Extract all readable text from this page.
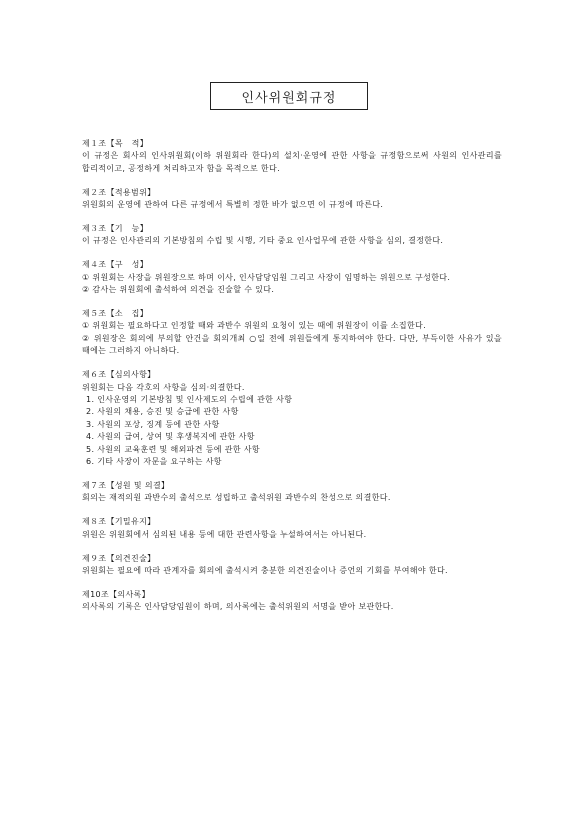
인사위원회규정
제１조【목   적】
이 규정은 회사의 인사위원회(이하 위원회라 한다)의 설치·운영에 관한 사항을 규정함으로써 사원의 인사관리를 합리적이고, 공정하게 처리하고자 함을 목적으로 한다.
제２조【적용범위】
위원회의 운영에 관하여 다른 규정에서 특별히 정한 바가 없으면 이 규정에 따른다.
제３조【기   능】
이 규정은 인사관리의 기본방침의 수립 및 시행, 기타 중요 인사업무에 관한 사항을 심의, 결정한다.
제４조【구   성】
① 위원회는 사장을 위원장으로 하며 이사, 인사담당임원 그리고 사장이 임명하는 위원으로 구성한다.
② 감사는 위원회에 출석하여 의견을 진술할 수 있다.
제５조【소   집】
① 위원회는 필요하다고 인정할 때와 과반수 위원의 요청이 있는 때에 위원장이 이를 소집한다.
② 위원장은 회의에 부의할 안건을 회의개최 ○일 전에 위원들에게 통지하여야 한다. 다만, 부득이한 사유가 있을 때에는 그러하지 아니하다.
제６조【심의사항】
위원회는 다음 각호의 사항을 심의·의결한다.
1. 인사운영의 기본방침 및 인사제도의 수립에 관한 사항
2. 사원의 채용, 승진 및 승급에 관한 사항
3. 사원의 포상, 징계 등에 관한 사항
4. 사원의 급여, 상여 및 후생복지에 관한 사항
5. 사원의 교육훈련 및 해외파견 등에 관한 사항
6. 기타 사장이 자문을 요구하는 사항
제７조【성원 및 의결】
회의는 재적의원 과반수의 출석으로 성립하고 출석위원 과반수의 찬성으로 의결한다.
제８조【기밀유지】
위원은 위원회에서 심의된 내용 등에 대한 관련사항을 누설하여서는 아니된다.
제９조【의견진술】
위원회는 필요에 따라 관계자를 회의에 출석시켜 충분한 의견진술이나 증언의 기회를 부여해야 한다.
제10조【의사록】
의사록의 기록은 인사담당임원이 하며, 의사록에는 출석위원의 서명을 받아 보관한다.
